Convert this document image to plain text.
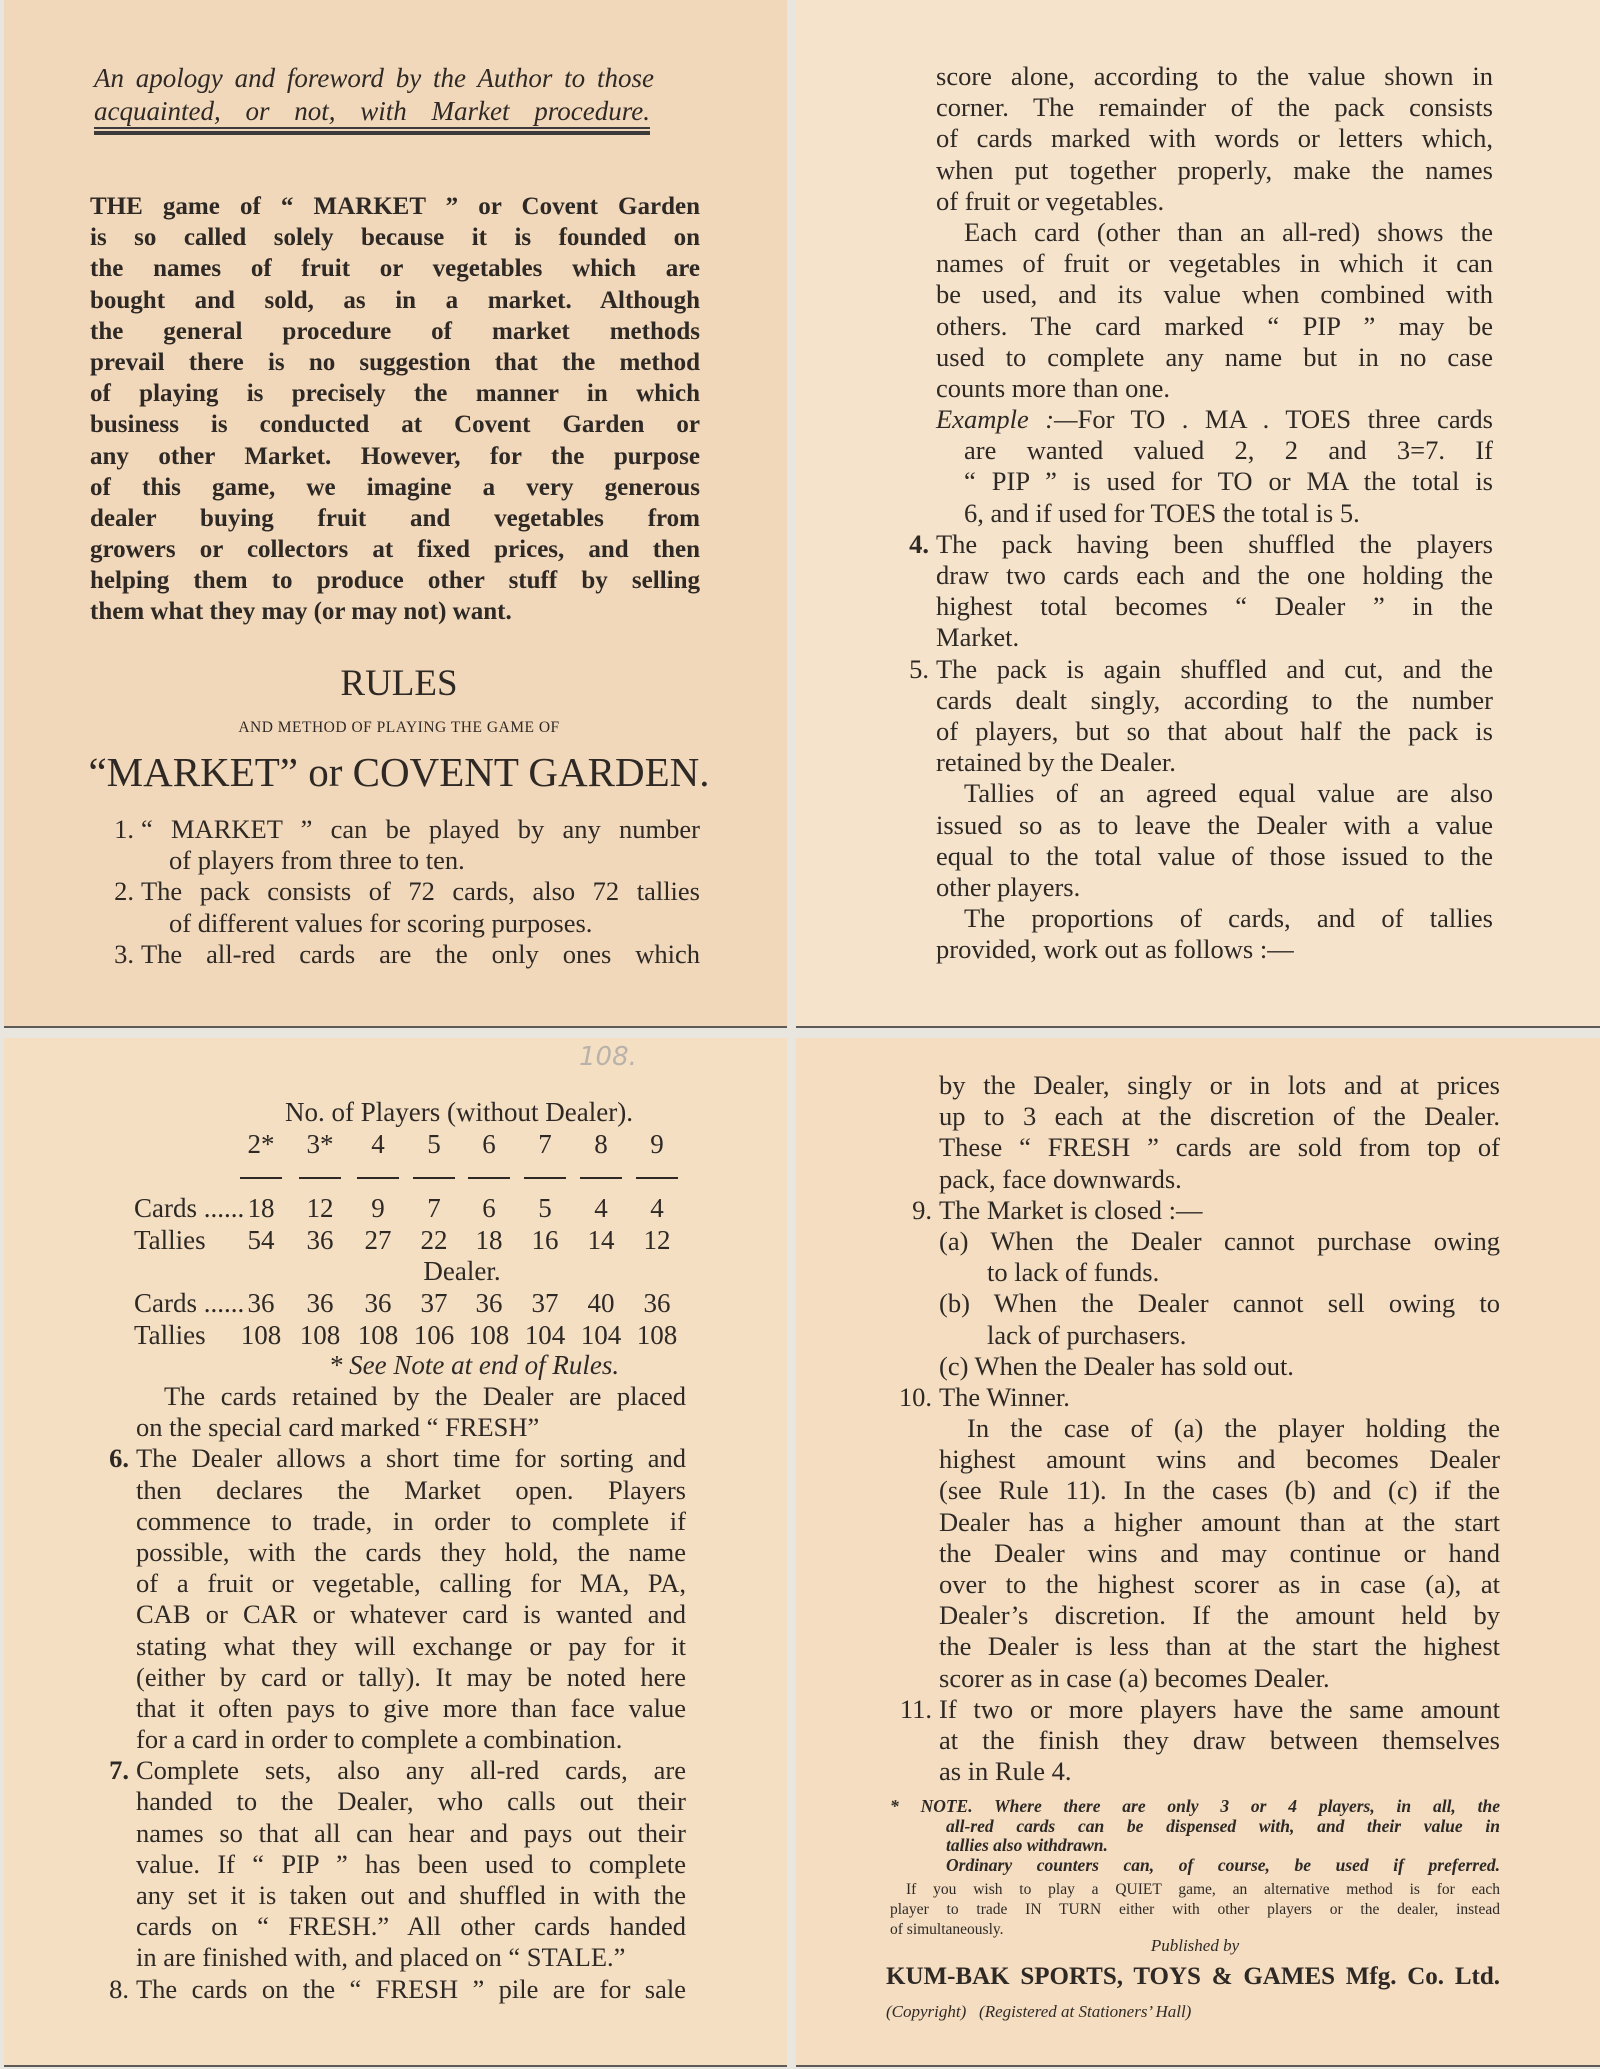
An apology and foreword by the Author to those
acquainted, or not, with Market procedure.
THE game of “ MARKET ” or Covent Garden
is so called solely because it is founded on
the names of fruit or vegetables which are
bought and sold, as in a market. Although
the general procedure of market methods
prevail there is no suggestion that the method
of playing is precisely the manner in which
business is conducted at Covent Garden or
any other Market. However, for the purpose
of this game, we imagine a very generous
dealer buying fruit and vegetables from
growers or collectors at fixed prices, and then
helping them to produce other stuff by selling
them what they may (or may not) want.
RULES
AND METHOD OF PLAYING THE GAME OF
“MARKET” or COVENT GARDEN.
1. “ MARKET ” can be played by any number
of players from three to ten.
2. The pack consists of 72 cards, also 72 tallies
of different values for scoring purposes.
3. The all-red cards are the only ones which
score alone, according to the value shown in
corner. The remainder of the pack consists
of cards marked with words or letters which,
when put together properly, make the names
of fruit or vegetables.
Each card (other than an all-red) shows the
names of fruit or vegetables in which it can
be used, and its value when combined with
others. The card marked “ PIP ” may be
used to complete any name but in no case
counts more than one.
Example :—For TO . MA . TOES three cards
are wanted valued 2, 2 and 3=7. If
“ PIP ” is used for TO or MA the total is
6, and if used for TOES the total is 5.
4. The pack having been shuffled the players
draw two cards each and the one holding the
highest total becomes “ Dealer ” in the
Market.
5. The pack is again shuffled and cut, and the
cards dealt singly, according to the number
of players, but so that about half the pack is
retained by the Dealer.
Tallies of an agreed equal value are also
issued so as to leave the Dealer with a value
equal to the total value of those issued to the
other players.
The proportions of cards, and of tallies
provided, work out as follows :—
108.
No. of Players (without Dealer).
2*	3*	4	5	6	7	8	9
Cards ...... 18	12	9	7	6	5	4	4
Tallies	54	36	27	22	18	16	14	12
Cards ...... 36	36	36	37	36	37	40	36
Tallies 108 108 108 106 108 104 104 108
Dealer.
* See Note at end of Rules.
The cards retained by the Dealer are placed
on the special card marked “ FRESH”
6. The Dealer allows a short time for sorting and
then declares the Market open. Players
commence to trade, in order to complete if
possible, with the cards they hold, the name
of a fruit or vegetable, calling for MA, PA,
CAB or CAR or whatever card is wanted and
stating what they will exchange or pay for it
(either by card or tally). It may be noted here
that it often pays to give more than face value
for a card in order to complete a combination.
7. Complete sets, also any all-red cards, are
handed to the Dealer, who calls out their
names so that all can hear and pays out their
value. If “ PIP ” has been used to complete
any set it is taken out and shuffled in with the
cards on “ FRESH.” All other cards handed
in are finished with, and placed on “ STALE.”
8. The cards on the “ FRESH ” pile are for sale
by the Dealer, singly or in lots and at prices
up to 3 each at the discretion of the Dealer.
These “ FRESH ” cards are sold from top of
pack, face downwards.
9. The Market is closed :—
(a) When the Dealer cannot purchase owing
to lack of funds.
(b) When the Dealer cannot sell owing to
lack of purchasers.
(c) When the Dealer has sold out.
10. The Winner.
In the case of (a) the player holding the
highest amount wins and becomes Dealer
(see Rule 11). In the cases (b) and (c) if the
Dealer has a higher amount than at the start
the Dealer wins and may continue or hand
over to the highest scorer as in case (a), at
Dealer’s discretion. If the amount held by
the Dealer is less than at the start the highest
scorer as in case (a) becomes Dealer.
11. If two or more players have the same amount
at the finish they draw between themselves
as in Rule 4.
* NOTE. Where there are only 3 or 4 players, in all, the
all-red cards can be dispensed with, and their value in
tallies also withdrawn.
Ordinary counters can, of course, be used if preferred.
If you wish to play a QUIET game, an alternative method is for each
player to trade IN TURN either with other players or the dealer, instead
of simultaneously.
Published by
KUM-BAK SPORTS, TOYS & GAMES Mfg. Co. Ltd.
(Copyright) (Registered at Stationers’ Hall)
